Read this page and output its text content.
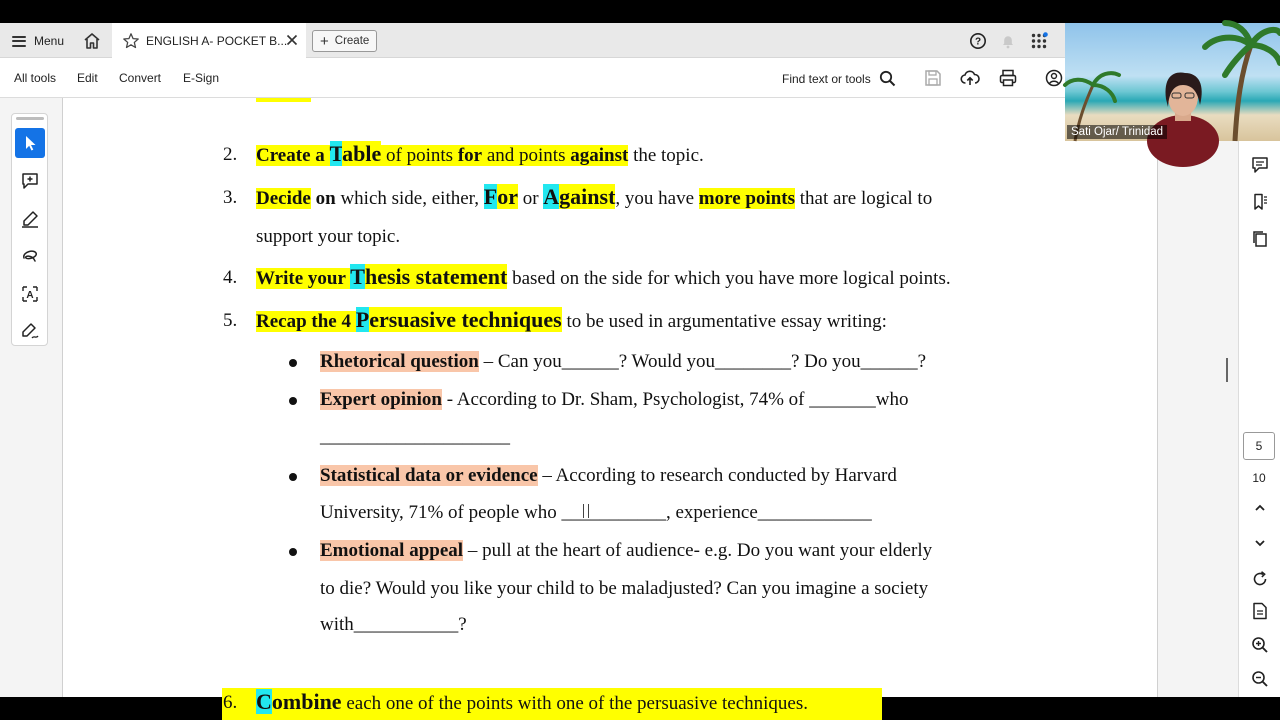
Menu	ENGLISH A- POCKET B... + Create	?
All tools Edit Convert E-Sign	Find text or tools
A
2. Create a Table of points for and points against the topic.
3. Decide on which side, either, For or Against, you have more points that are logical to
support your topic.
4. Write your Thesis statement based on the side for which you have more logical points.
5. Recap the 4 Persuasive techniques to be used in argumentative essay writing:
Rhetorical question – Can you______? Would you________? Do you______?
Expert opinion - According to Dr. Sham, Psychologist, 74% of _______who
____________________
Statistical data or evidence – According to research conducted by Harvard
University, 71% of people who ___________, experience____________
Emotional appeal – pull at the heart of audience- e.g. Do you want your elderly
to die? Would you like your child to be maladjusted? Can you imagine a society
with___________?
6. Combine each one of the points with one of the persuasive techniques.
5
10
Sati Ojar/ Trinidad
